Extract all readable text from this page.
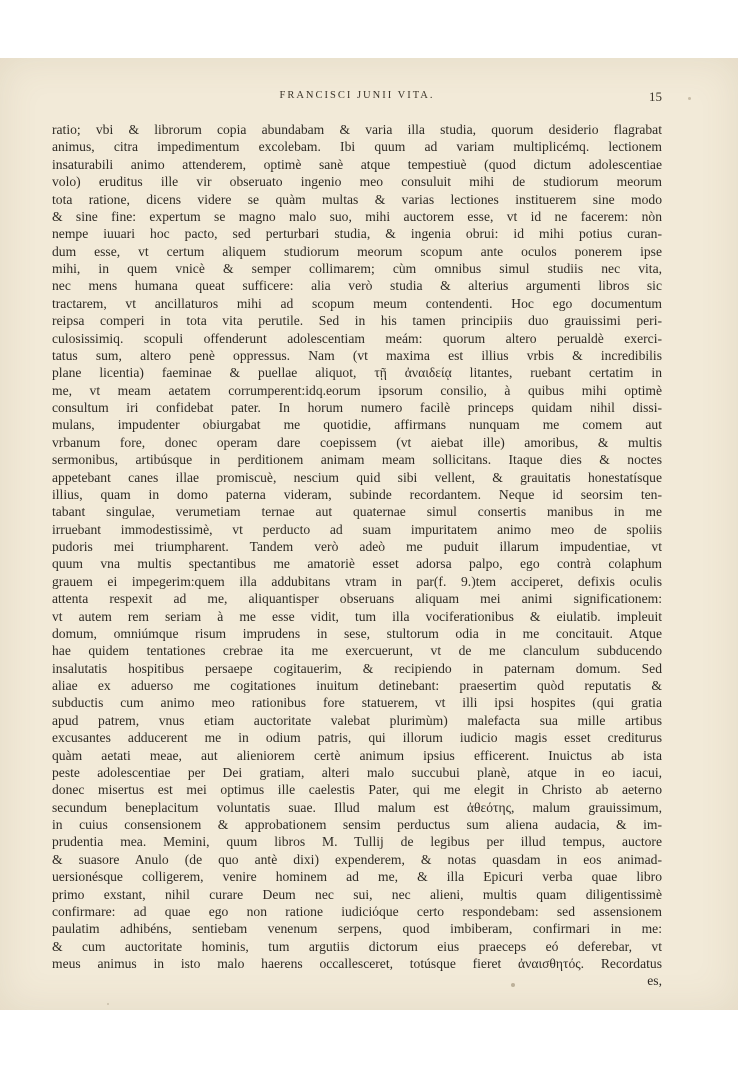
FRANCISCI JUNII VITA.	15
ratio; vbi & librorum copia abundabam & varia illa studia, quorum desiderio flagrabat
animus, citra impedimentum excolebam. Ibi quum ad variam multiplicémq. lectionem
insaturabili animo attenderem, optimè sanè atque tempestiuè (quod dictum adolescentiae
volo) eruditus ille vir obseruato ingenio meo consuluit mihi de studiorum meorum
tota ratione, dicens videre se quàm multas & varias lectiones instituerem sine modo
& sine fine: expertum se magno malo suo, mihi auctorem esse, vt id ne facerem: nòn
nempe iuuari hoc pacto, sed perturbari studia, & ingenia obrui: id mihi potius curan-
dum esse, vt certum aliquem studiorum meorum scopum ante oculos ponerem ipse
mihi, in quem vnicè & semper collimarem; cùm omnibus simul studiis nec vita,
nec mens humana queat sufficere: alia verò studia & alterius argumenti libros sic
tractarem, vt ancillaturos mihi ad scopum meum contendenti. Hoc ego documentum
reipsa comperi in tota vita perutile. Sed in his tamen principiis duo grauissimi peri-
culosissimiq. scopuli offenderunt adolescentiam meám: quorum altero perualdè exerci-
tatus sum, altero penè oppressus. Nam (vt maxima est illius vrbis & incredibilis
plane licentia) faeminae & puellae aliquot, τῇ ἀναιδείᾳ litantes, ruebant certatim in
me, vt meam aetatem corrumperent:idq.eorum ipsorum consilio, à quibus mihi optimè
consultum iri confidebat pater. In horum numero facilè princeps quidam nihil dissi-
mulans, impudenter obiurgabat me quotidie, affirmans nunquam me comem aut
vrbanum fore, donec operam dare coepissem (vt aiebat ille) amoribus, & multis
sermonibus, artibúsque in perditionem animam meam sollicitans. Itaque dies & noctes
appetebant canes illae promiscuè, nescium quid sibi vellent, & grauitatis honestatísque
illius, quam in domo paterna videram, subinde recordantem. Neque id seorsim ten-
tabant singulae, verumetiam ternae aut quaternae simul consertis manibus in me
irruebant immodestissimè, vt perducto ad suam impuritatem animo meo de spoliis
pudoris mei triumpharent. Tandem verò adeò me puduit illarum impudentiae, vt
quum vna multis spectantibus me amatoriè esset adorsa palpo, ego contrà colaphum
grauem ei impegerim:quem illa addubitans vtram in par(f. 9.)tem acciperet, defixis oculis
attenta respexit ad me, aliquantisper obseruans aliquam mei animi significationem:
vt autem rem seriam à me esse vidit, tum illa vociferationibus & eiulatib. impleuit
domum, omniúmque risum imprudens in sese, stultorum odia in me concitauit. Atque
hae quidem tentationes crebrae ita me exercuerunt, vt de me clanculum subducendo
insalutatis hospitibus persaepe cogitauerim, & recipiendo in paternam domum. Sed
aliae ex aduerso me cogitationes inuitum detinebant: praesertim quòd reputatis &
subductis cum animo meo rationibus fore statuerem, vt illi ipsi hospites (qui gratia
apud patrem, vnus etiam auctoritate valebat plurimùm) malefacta sua mille artibus
excusantes adducerent me in odium patris, qui illorum iudicio magis esset crediturus
quàm aetati meae, aut alieniorem certè animum ipsius efficerent. Inuictus ab ista
peste adolescentiae per Dei gratiam, alteri malo succubui planè, atque in eo iacui,
donec misertus est mei optimus ille caelestis Pater, qui me elegit in Christo ab aeterno
secundum beneplacitum voluntatis suae. Illud malum est ἀθεότης, malum grauissimum,
in cuius consensionem & approbationem sensim perductus sum aliena audacia, & im-
prudentia mea. Memini, quum libros M. Tullij de legibus per illud tempus, auctore
& suasore Anulo (de quo antè dixi) expenderem, & notas quasdam in eos animad-
uersionésque colligerem, venire hominem ad me, & illa Epicuri verba quae libro
primo exstant, nihil curare Deum nec sui, nec alieni, multis quam diligentissimè
confirmare: ad quae ego non ratione iudiciόque certo respondebam: sed assensionem
paulatim adhibéns, sentiebam venenum serpens, quod imbiberam, confirmari in me:
& cum auctoritate hominis, tum argutiis dictorum eius praeceps eó deferebar, vt
meus animus in isto malo haerens occallesceret, totúsque fieret ἀναισθητός. Recordatus
es,
